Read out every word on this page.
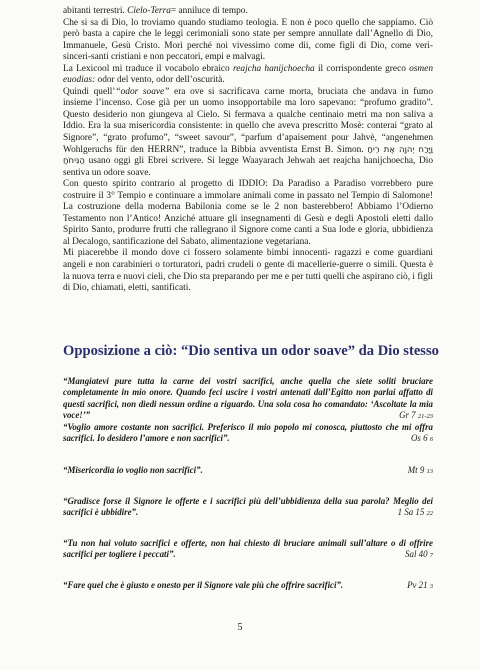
abitanti terrestri. Cielo-Terra= anniluce di tempo.

Che si sa di Dio, lo troviamo quando studiamo teologia. E non è poco quello che sappiamo. Ciò però basta a capire che le leggi cerimoniali sono state per sempre annullate dall’Agnello di Dio, Immanuele, Gesù Cristo. Morì perché noi vivessimo come dii, come figli di Dio, come veri-sinceri-santi cristiani e non peccatori, empi e malvagi.

La Lexicool mi traduce il vocabolo ebraico reajcha hanijchoecha il corrispondente greco osmen euodias: odor del vento, odor dell’oscurità.

Quindi quell’“odor soave” era ove si sacrificava carne morta, bruciata che andava in fumo insieme l’incenso. Cose già per un uomo insopportabile ma loro sapevano: “profumo gradito”. Questo desiderio non giungeva al Cielo. Si fermava a qualche centinaio metri ma non saliva a Iddio. Era la sua misericordia consistente: in quello che aveva prescritto Mosè: conterai “grato al Signore”, “grato profumo”, “sweet savour”, “parfum d’apaisement pour Jahvè, “angenehmen Wohlgeruchs für den HERRN”, traduce la Bibbia avventista Ernst B. Simon. וַיָּרַח יְהוָה אֶת רֵיחַ הַנִּיחֹחַ usano oggi gli Ebrei scrivere. Si legge Waayarach Jehwah aet reajcha hanijchoecha, Dio sentiva un odore soave.

Con questo spirito contrario al progetto di IDDIO: Da Paradiso a Paradiso vorrebbero pure costruire il 3° Tempio e continuare a immolare animali come in passato nel Tempio di Salomone! La costruzione della moderna Babilonia come se le 2 non basterebbero! Abbiamo l’Odierno Testamento non l’Antico! Anziché attuare gli insegnamenti di Gesù e degli Apostoli eletti dallo Spirito Santo, produrre frutti che rallegrano il Signore come canti a Sua lode e gloria, ubbidienza al Decalogo, santificazione del Sabato, alimentazione vegetariana.

Mi piacerebbe il mondo dove ci fossero solamente bimbi innocenti- ragazzi e come guardiani angeli e non carabinieri o torturatori, padri crudeli o gente di macellerie-guerre o simili. Questa è la nuova terra e nuovi cieli, che Dio sta preparando per me e per tutti quelli che aspirano ciò, i figli di Dio, chiamati, eletti, santificati.

Opposizione a ciò: “Dio sentiva un odor soave” da Dio stesso
“Mangiatevi pure tutta la carne dei vostri sacrifici, anche quella che siete soliti bruciare completamente in mio onore. Quando feci uscire i vostri antenati dall’Egitto non parlai affatto di questi sacrifici, non diedi nessun ordine a riguardo. Una sola cosa ho comandato: ‘Ascoltate la mia voce!’”	Gr 7 21-23
“Voglio amore costante non sacrifici. Preferisco il mio popolo mi conosca, piuttosto che mi offra sacrifici. Io desidero l’amore e non sacrifici”.	Os 6 6
“Misericordia io voglio non sacrifici”.	Mt 9 13
“Gradisce forse il Signore le offerte e i sacrifici più dell’ubbidienza della sua parola? Meglio dei sacrifici è ubbidire”.	1 Sa 15 22
“Tu non hai voluto sacrifici e offerte, non hai chiesto di bruciare animali sull’altare o di offrire sacrifici per togliere i peccati”.	Sal 40 7
“Fare quel che è giusto e onesto per il Signore vale più che offrire sacrifici”.	Pv 21 3
5
